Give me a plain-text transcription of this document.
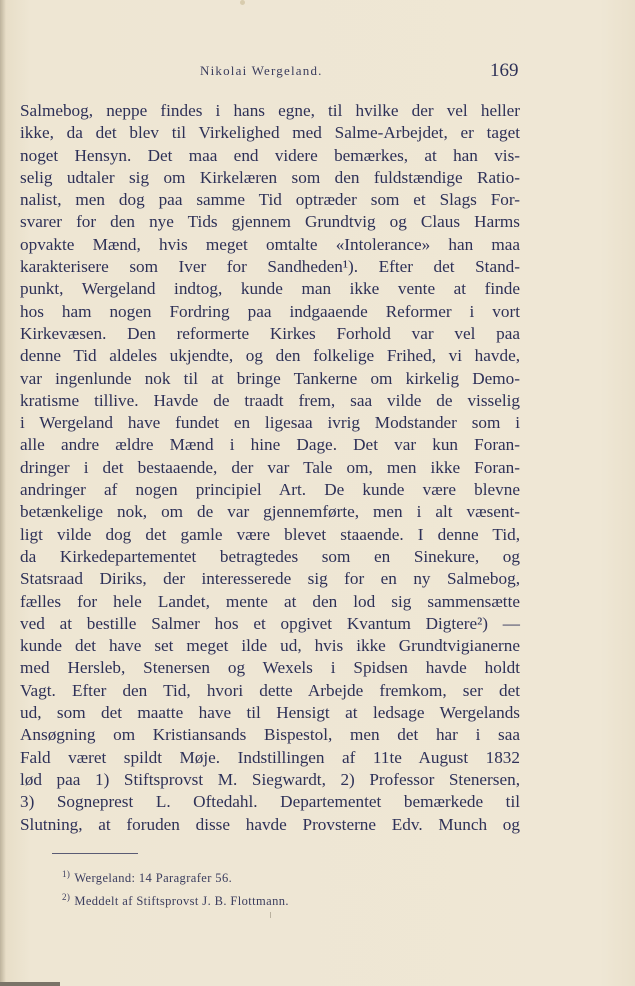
Nikolai Wergeland.	169
Salmebog, neppe findes i hans egne, til hvilke der vel heller
ikke, da det blev til Virkelighed med Salme-Arbejdet, er taget
noget Hensyn. Det maa end videre bemærkes, at han vis-
selig udtaler sig om Kirkelæren som den fuldstændige Ratio-
nalist, men dog paa samme Tid optræder som et Slags For-
svarer for den nye Tids gjennem Grundtvig og Claus Harms
opvakte Mænd, hvis meget omtalte «Intolerance» han maa
karakterisere som Iver for Sandheden¹). Efter det Stand-
punkt, Wergeland indtog, kunde man ikke vente at finde
hos ham nogen Fordring paa indgaaende Reformer i vort
Kirkevæsen. Den reformerte Kirkes Forhold var vel paa
denne Tid aldeles ukjendte, og den folkelige Frihed, vi havde,
var ingenlunde nok til at bringe Tankerne om kirkelig Demo-
kratisme tillive. Havde de traadt frem, saa vilde de visselig
i Wergeland have fundet en ligesaa ivrig Modstander som i
alle andre ældre Mænd i hine Dage. Det var kun Foran-
dringer i det bestaaende, der var Tale om, men ikke Foran-
andringer af nogen principiel Art. De kunde være blevne
betænkelige nok, om de var gjennemførte, men i alt væsent-
ligt vilde dog det gamle være blevet staaende. I denne Tid,
da Kirkedepartementet betragtedes som en Sinekure, og
Statsraad Diriks, der interesserede sig for en ny Salmebog,
fælles for hele Landet, mente at den lod sig sammensætte
ved at bestille Salmer hos et opgivet Kvantum Digtere²) —
kunde det have set meget ilde ud, hvis ikke Grundtvigianerne
med Hersleb, Stenersen og Wexels i Spidsen havde holdt
Vagt. Efter den Tid, hvori dette Arbejde fremkom, ser det
ud, som det maatte have til Hensigt at ledsage Wergelands
Ansøgning om Kristiansands Bispestol, men det har i saa
Fald været spildt Møje. Indstillingen af 11te August 1832
lød paa 1) Stiftsprovst M. Siegwardt, 2) Professor Stenersen,
3) Sogneprest L. Oftedahl. Departementet bemærkede til
Slutning, at foruden disse havde Provsterne Edv. Munch og
$^{1)}$ Wergeland: 14 Paragrafer 56.
$^{2)}$ Meddelt af Stiftsprovst J. B. Flottmann.
